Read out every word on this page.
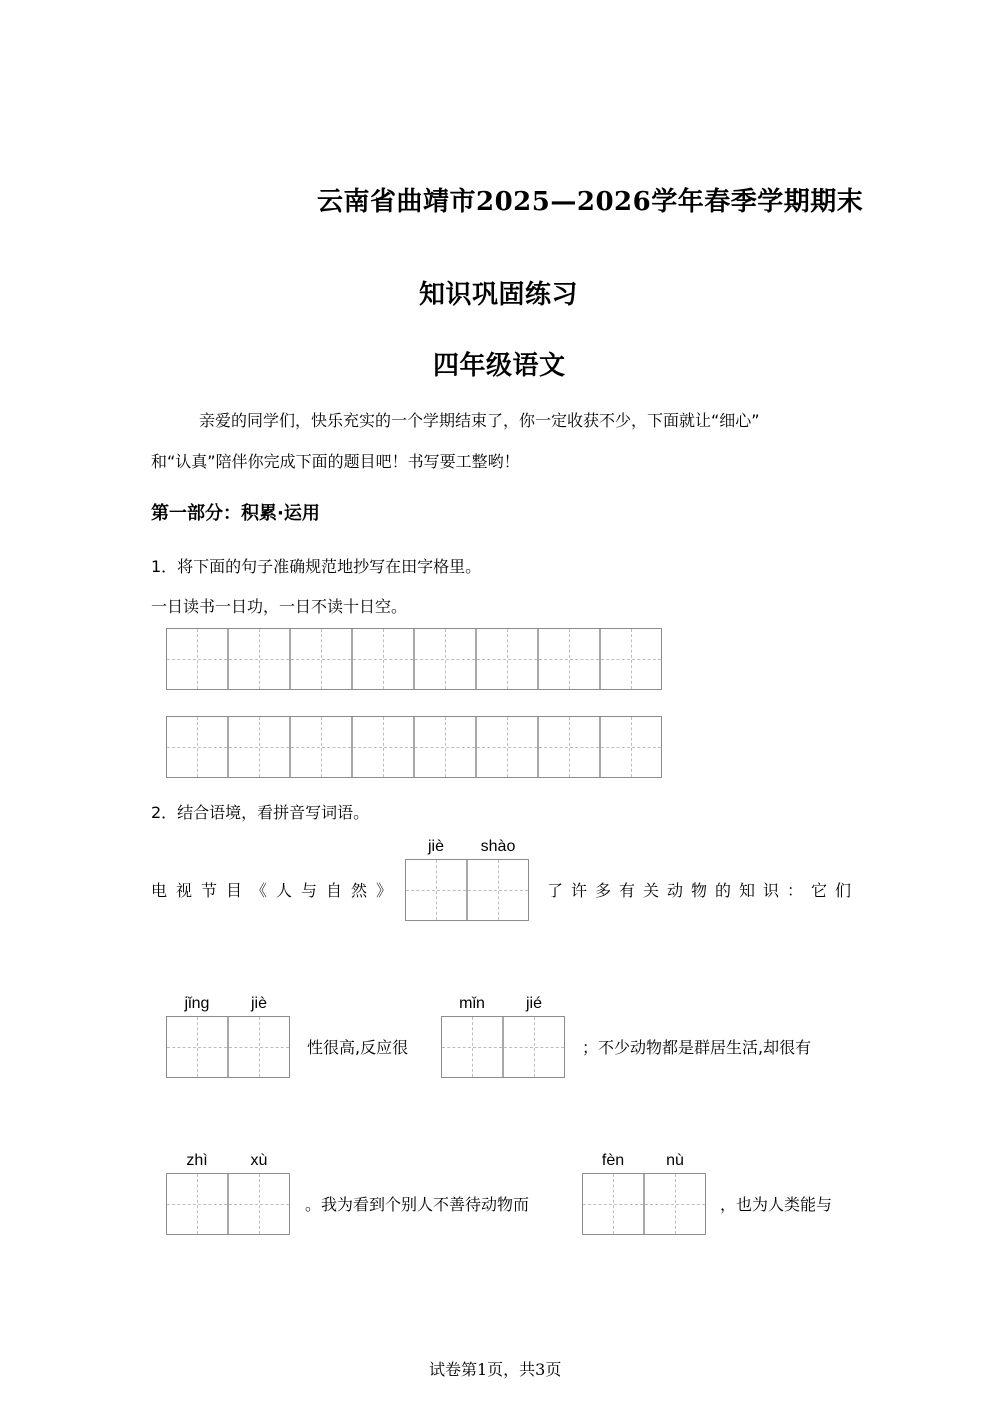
云南省曲靖市2025—2026学年春季学期期末
知识巩固练习
四年级语文
亲爱的同学们，快乐充实的一个学期结束了，你一定收获不少，下面就让“细心”
和“认真”陪伴你完成下面的题目吧！书写要工整哟！
第一部分：积累·运用
1．将下面的句子准确规范地抄写在田字格里。
一日读书一日功，一日不读十日空。
2．结合语境，看拼音写词语。
电视节目《人与自然》
jiè	shào
了许多有关动物的知识：它们
jǐng	jiè
性很高,反应很
mǐn	jié
；不少动物都是群居生活,却很有
zhì	xù
。我为看到个别人不善待动物而
fèn	nù
，也为人类能与
试卷第1页，共3页
